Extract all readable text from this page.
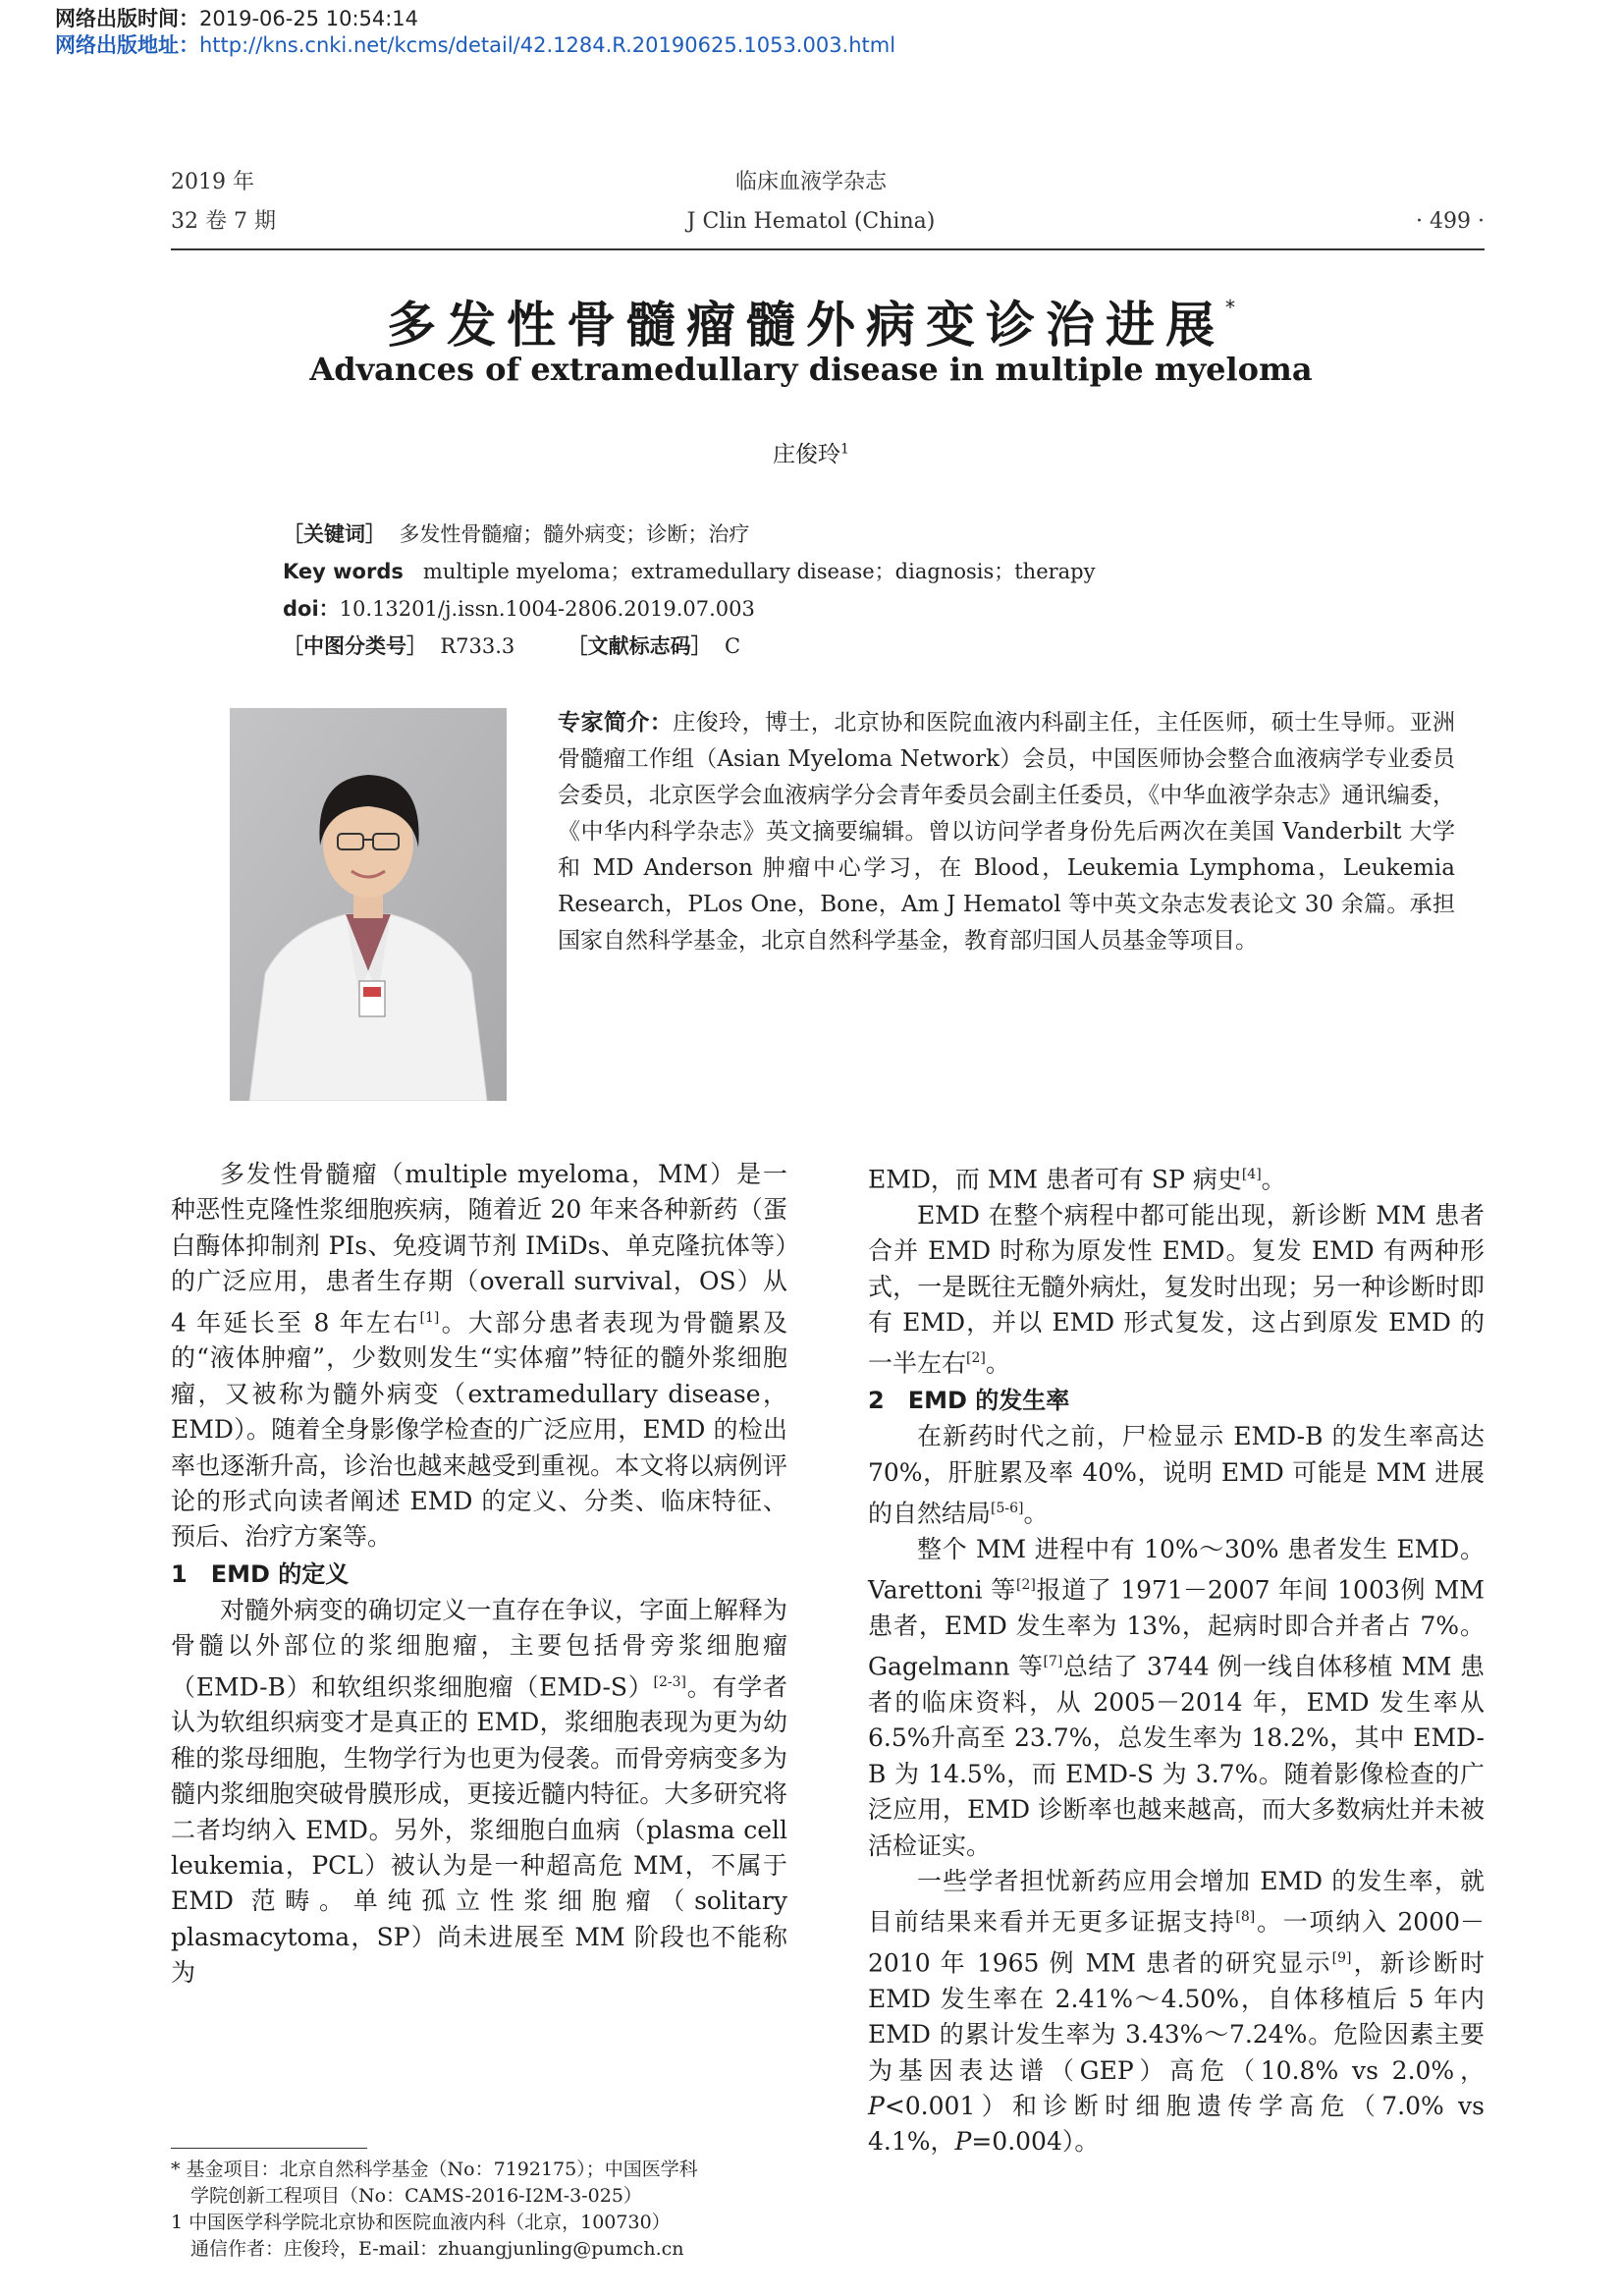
网络出版时间：2019-06-25 10:54:14
网络出版地址：http://kns.cnki.net/kcms/detail/42.1284.R.20190625.1053.003.html
2019 年
32 卷 7 期
临床血液学杂志
J Clin Hematol (China)	· 499 ·
多发性骨髓瘤髓外病变诊治进展*
Advances of extramedullary disease in multiple myeloma
庄俊玲$^1$
［关键词］ 多发性骨髓瘤；髓外病变；诊断；治疗
Key words multiple myeloma；extramedullary disease；diagnosis；therapy
doi：10.13201/j.issn.1004-2806.2019.07.003
［中图分类号］ R733.3	［文献标志码］ C
专家简介：庄俊玲，博士，北京协和医院血液内科副主任，主任医师，硕士生导师。亚洲骨髓瘤工作组（Asian Myeloma Network）会员，中国医师协会整合血液病学专业委员会委员，北京医学会血液病学分会青年委员会副主任委员，《中华血液学杂志》通讯编委，《中华内科学杂志》英文摘要编辑。曾以访问学者身份先后两次在美国 Vanderbilt 大学和 MD Anderson 肿瘤中心学习，在 Blood，Leukemia Lymphoma，Leukemia Research，PLos One，Bone，Am J Hematol 等中英文杂志发表论文 30 余篇。承担国家自然科学基金，北京自然科学基金，教育部归国人员基金等项目。

多发性骨髓瘤（multiple myeloma，MM）是一种恶性克隆性浆细胞疾病，随着近 20 年来各种新药（蛋白酶体抑制剂 PIs、免疫调节剂 IMiDs、单克隆抗体等）的广泛应用，患者生存期（overall survival，OS）从 4 年延长至 8 年左右[1]。大部分患者表现为骨髓累及的“液体肿瘤”，少数则发生“实体瘤”特征的髓外浆细胞瘤，又被称为髓外病变（extramedullary disease，EMD）。随着全身影像学检查的广泛应用，EMD 的检出率也逐渐升高，诊治也越来越受到重视。本文将以病例评论的形式向读者阐述 EMD 的定义、分类、临床特征、预后、治疗方案等。

1　EMD 的定义

对髓外病变的确切定义一直存在争议，字面上解释为骨髓以外部位的浆细胞瘤，主要包括骨旁浆细胞瘤（EMD-B）和软组织浆细胞瘤（EMD-S）[2-3]。有学者认为软组织病变才是真正的 EMD，浆细胞表现为更为幼稚的浆母细胞，生物学行为也更为侵袭。而骨旁病变多为髓内浆细胞突破骨膜形成，更接近髓内特征。大多研究将二者均纳入 EMD。另外，浆细胞白血病（plasma cell leukemia，PCL）被认为是一种超高危 MM，不属于 EMD 范畴。单纯孤立性浆细胞瘤（solitary plasmacytoma，SP）尚未进展至 MM 阶段也不能称为

EMD，而 MM 患者可有 SP 病史[4]。

EMD 在整个病程中都可能出现，新诊断 MM 患者合并 EMD 时称为原发性 EMD。复发 EMD 有两种形式，一是既往无髓外病灶，复发时出现；另一种诊断时即有 EMD，并以 EMD 形式复发，这占到原发 EMD 的一半左右[2]。

2　EMD 的发生率

在新药时代之前，尸检显示 EMD-B 的发生率高达 70%，肝脏累及率 40%，说明 EMD 可能是 MM 进展的自然结局[5-6]。

整个 MM 进程中有 10%～30% 患者发生 EMD。Varettoni 等[2]报道了 1971－2007 年间 1003例 MM 患者，EMD 发生率为 13%，起病时即合并者占 7%。Gagelmann 等[7]总结了 3744 例一线自体移植 MM 患者的临床资料，从 2005－2014 年，EMD 发生率从 6.5%升高至 23.7%，总发生率为 18.2%，其中 EMD-B 为 14.5%，而 EMD-S 为 3.7%。随着影像检查的广泛应用，EMD 诊断率也越来越高，而大多数病灶并未被活检证实。

一些学者担忧新药应用会增加 EMD 的发生率，就目前结果来看并无更多证据支持[8]。一项纳入 2000－2010 年 1965 例 MM 患者的研究显示[9]，新诊断时 EMD 发生率在 2.41%～4.50%，自体移植后 5 年内 EMD 的累计发生率为 3.43%～7.24%。危险因素主要为基因表达谱（GEP）高危（10.8% vs 2.0%，P<0.001）和诊断时细胞遗传学高危（7.0% vs 4.1%，P=0.004）。

* 基金项目：北京自然科学基金（No：7192175）；中国医学科
学院创新工程项目（No：CAMS-2016-I2M-3-025）
1 中国医学科学院北京协和医院血液内科（北京，100730）
通信作者：庄俊玲，E-mail：zhuangjunling@pumch.cn
